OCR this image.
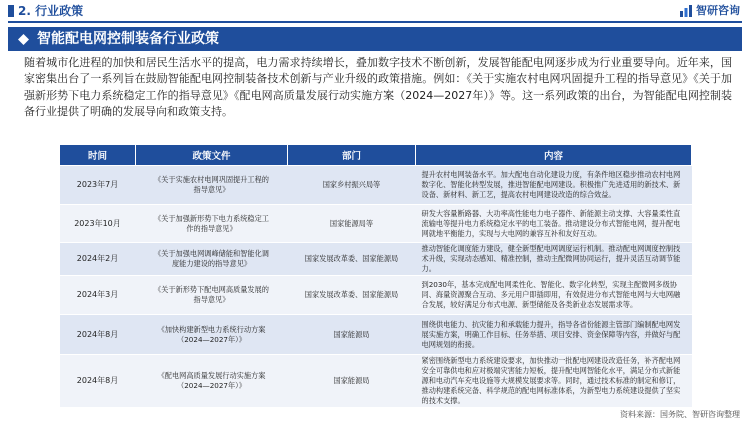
2. 行业政策	智研咨询
智能配电网控制装备行业政策

随着城市化进程的加快和居民生活水平的提高，电力需求持续增长，叠加数字技术不断创新，发展智能配电网逐步成为行业重要导向。近年来，国家密集出台了一系列旨在鼓励智能配电网控制装备技术创新与产业升级的政策措施。例如：《关于实施农村电网巩固提升工程的指导意见》《关于加强新形势下电力系统稳定工作的指导意见》《配电网高质量发展行动实施方案（2024—2027年）》等。这一系列政策的出台，为智能配电网控制装备行业提供了明确的发展导向和政策支持。

时间	政策文件	部门	内容
2023年7月	《关于实施农村电网巩固提升工程的指导意见》	国家乡村振兴局等	提升农村电网装备水平。加大配电自动化建设力度，有条件地区稳步推动农村电网数字化、智能化转型发展，推进智能配电网建设。积极推广先进适用的新技术、新设备、新材料、新工艺，提高农村电网建设改造的综合效益。
2023年10月	《关于加强新形势下电力系统稳定工作的指导意见》	国家能源局等	研发大容量断路器、大功率高性能电力电子器件、新能源主动支撑、大容量柔性直流输电等提升电力系统稳定水平的电工装备。推动建设分布式智能电网，提升配电网就地平衡能力，实现与大电网的兼容互补和友好互动。
2024年2月	《关于加强电网调峰储能和智能化调度能力建设的指导意见》	国家发展改革委、国家能源局	推动智能化调度能力建设，健全新型配电网调度运行机制。推动配电网调度控制技术升级，实现动态感知、精准控制，推动主配微网协同运行，提升灵活互动调节能力。
2024年3月	《关于新形势下配电网高质量发展的指导意见》	国家发展改革委、国家能源局	到2030年，基本完成配电网柔性化、智能化、数字化转型，实现主配微网多级协同、海量资源聚合互动、多元用户即插即用，有效促进分布式智能电网与大电网融合发展，较好满足分布式电源、新型储能及各类新业态发展需求等。
2024年8月	《加快构建新型电力系统行动方案（2024—2027年）》	国家能源局	围绕供电能力、抗灾能力和承载能力提升，指导各省份能源主管部门编制配电网发展实施方案，明确工作目标、任务举措、项目安排、资金保障等内容，并做好与配电网规划的衔接。
2024年8月	《配电网高质量发展行动实施方案（2024—2027年）》	国家能源局	紧密围绕新型电力系统建设要求，加快推动一批配电网建设改造任务，补齐配电网安全可靠供电和应对极端灾害能力短板，提升配电网智能化水平，满足分布式新能源和电动汽车充电设施等大规模发展要求等。同时，通过技术标准的制定和修订，推动构建系统完备、科学规范的配电网标准体系，为新型电力系统建设提供了坚实的技术支撑。
资料来源：国务院、智研咨询整理
